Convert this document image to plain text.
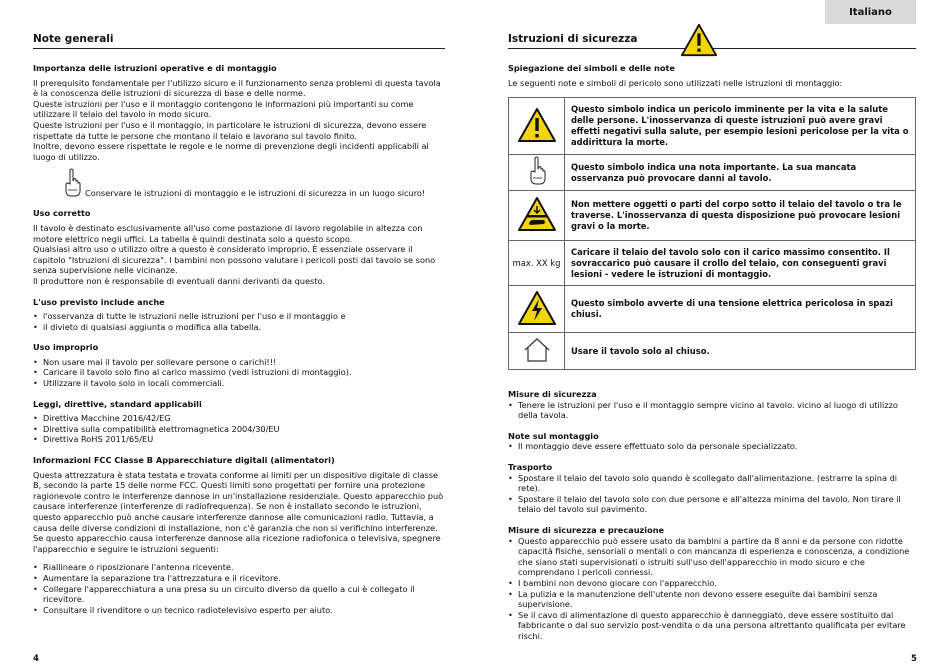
Italiano
Note generali

Importanza delle istruzioni operative e di montaggio

Il prerequisito fondamentale per l'utilizzo sicuro e il funzionamento senza problemi di questa tavola è la conoscenza delle istruzioni di sicurezza di base e delle norme.

Queste istruzioni per l'uso e il montaggio contengono le informazioni più importanti su come utilizzare il telaio del tavolo in modo sicuro.

Queste istruzioni per l'uso e il montaggio, in particolare le istruzioni di sicurezza, devono essere rispettate da tutte le persone che montano il telaio e lavorano sul tavolo finito.

Inoltre, devono essere rispettate le regole e le norme di prevenzione degli incidenti applicabili al luogo di utilizzo.

Conservare le istruzioni di montaggio e le istruzioni di sicurezza in un luogo sicuro!

Uso corretto

Il tavolo è destinato esclusivamente all'uso come postazione di lavoro regolabile in altezza con motore elettrico negli uffici. La tabella è quindi destinata solo a questo scopo.

Qualsiasi altro uso o utilizzo oltre a questo è considerato improprio. È essenziale osservare il capitolo "Istruzioni di sicurezza". I bambini non possono valutare i pericoli posti dal tavolo se sono senza supervisione nelle vicinanze.

Il produttore non è responsabile di eventuali danni derivanti da questo.

L'uso previsto include anche

• l'osservanza di tutte le istruzioni nelle istruzioni per l'uso e il montaggio e
• il divieto di qualsiasi aggiunta o modifica alla tabella.

Uso improprio

• Non usare mai il tavolo per sollevare persone o carichi!!!
• Caricare il tavolo solo fino al carico massimo (vedi istruzioni di montaggio).
• Utilizzare il tavolo solo in locali commerciali.

Leggi, direttive, standard applicabili

• Direttiva Macchine 2016/42/EG
• Direttiva sulla compatibilità elettromagnetica 2004/30/EU
• Direttiva RoHS 2011/65/EU

Informazioni FCC Classe B Apparecchiature digitali (alimentatori)

Questa attrezzatura è stata testata e trovata conforme ai limiti per un dispositivo digitale di classe B, secondo la parte 15 delle norme FCC. Questi limiti sono progettati per fornire una protezione ragionevole contro le interferenze dannose in un'installazione residenziale. Questo apparecchio può causare interferenze (interferenze di radiofrequenza). Se non è installato secondo le istruzioni, questo apparecchio può anche causare interferenze dannose alle comunicazioni radio. Tuttavia, a causa delle diverse condizioni di installazione, non c'è garanzia che non si verifichino interferenze. Se questo apparecchio causa interferenze dannose alla ricezione radiofonica o televisiva, spegnere l'apparecchio e seguire le istruzioni seguenti:

• Riallineare o riposizionare l'antenna ricevente.
• Aumentare la separazione tra l'attrezzatura e il ricevitore.
• Collegare l'apparecchiatura a una presa su un circuito diverso da quello a cui è collegato il ricevitore.
• Consultare il rivenditore o un tecnico radiotelevisivo esperto per aiuto.
4
Istruzioni di sicurezza

Spiegazione dei simboli e delle note

Le seguenti note e simboli di pericolo sono utilizzati nelle istruzioni di montaggio:

	Questo simbolo indica un pericolo imminente per la vita e la salute delle persone. L'inosservanza di queste istruzioni può avere gravi effetti negativi sulla salute, per esempio lesioni pericolose per la vita o addirittura la morte.
	Questo simbolo indica una nota importante. La sua mancata osservanza può provocare danni al tavolo.
	Non mettere oggetti o parti del corpo sotto il telaio del tavolo o tra le traverse. L'inosservanza di questa disposizione può provocare lesioni gravi o la morte.
max. XX kg	Caricare il telaio del tavolo solo con il carico massimo consentito. Il sovraccarico può causare il crollo del telaio, con conseguenti gravi lesioni - vedere le istruzioni di montaggio.
	Questo simbolo avverte di una tensione elettrica pericolosa in spazi chiusi.
	Usare il tavolo solo al chiuso.

Misure di sicurezza

• Tenere le istruzioni per l'uso e il montaggio sempre vicino al tavolo. vicino al luogo di utilizzo della tavola.

Note sul montaggio

• Il montaggio deve essere effettuato solo da personale specializzato.

Trasporto

• Spostare il telaio del tavolo solo quando è scollegato dall'alimentazione. (estrarre la spina di rete).
• Spostare il telaio del tavolo solo con due persone e all'altezza minima del tavolo. Non tirare il telaio del tavolo sul pavimento.

Misure di sicurezza e precauzione

• Questo apparecchio può essere usato da bambini a partire da 8 anni e da persone con ridotte capacità fisiche, sensoriali o mentali o con mancanza di esperienza e conoscenza, a condizione che siano stati supervisionati o istruiti sull'uso dell'apparecchio in modo sicuro e che comprendano i pericoli connessi.
• I bambini non devono giocare con l'apparecchio.
• La pulizia e la manutenzione dell'utente non devono essere eseguite dai bambini senza supervisione.
• Se il cavo di alimentazione di questo apparecchio è danneggiato, deve essere sostituito dal fabbricante o dal suo servizio post-vendita o da una persona altrettanto qualificata per evitare rischi.
5
